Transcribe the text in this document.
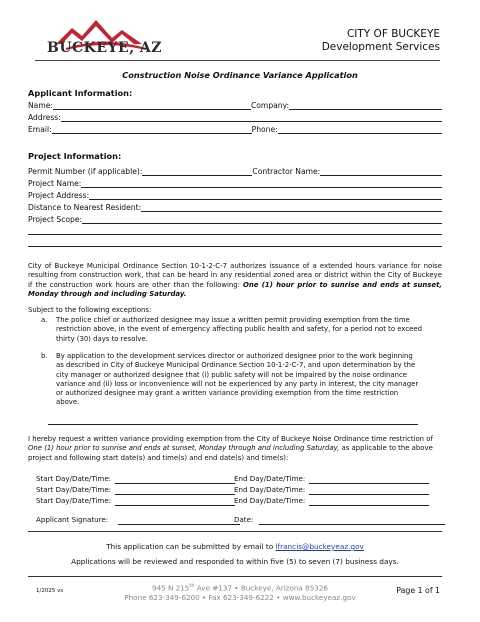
BUCKEYE, AZ
CITY OF BUCKEYE
Development Services
Construction Noise Ordinance Variance Application
Applicant Information:
Name:	Company:
Address:
Email:	Phone:
Project Information:
Permit Number (if applicable):	Contractor Name:
Project Name:
Project Address:
Distance to Nearest Resident:
Project Scope:
City of Buckeye Municipal Ordinance Section 10-1-2-C-7 authorizes issuance of a extended hours variance for noise resulting from construction work, that can be heard in any residential zoned area or district within the City of Buckeye if the construction work hours are other than the following: One (1) hour prior to sunrise and ends at sunset, Monday through and including Saturday.
Subject to the following exceptions:
a. The police chief or authorized designee may issue a written permit providing exemption from the time restriction above, in the event of emergency affecting public health and safety, for a period not to exceed thirty (30) days to resolve.
b. By application to the development services director or authorized designee prior to the work beginning as described in City of Buckeye Municipal Ordinance Section 10-1-2-C-7, and upon determination by the city manager or authorized designee that (i) public safety will not be impaired by the noise ordinance variance and (ii) loss or inconvenience will not be experienced by any party in interest, the city manager or authorized designee may grant a written variance providing exemption from the time restriction above.
I hereby request a written variance providing exemption from the City of Buckeye Noise Ordinance time restriction of One (1) hour prior to sunrise and ends at sunset, Monday through and including Saturday, as applicable to the above project and following start date(s) and time(s) and end date(s) and time(s):
Start Day/Date/Time:	End Day/Date/Time:
Start Day/Date/Time:	End Day/Date/Time:
Start Day/Date/Time:	End Day/Date/Time:
Applicant Signature:	Date:
This application can be submitted by email to lfrancis@buckeyeaz.gov
Applications will be reviewed and responded to within five (5) to seven (7) business days.
945 N 215th Ave #137 • Buckeye, Arizona 85326
Phone 623-349-6200 • Fax 623-349-6222 • www.buckeyeaz.gov
1/2025 vs	Page 1 of 1
